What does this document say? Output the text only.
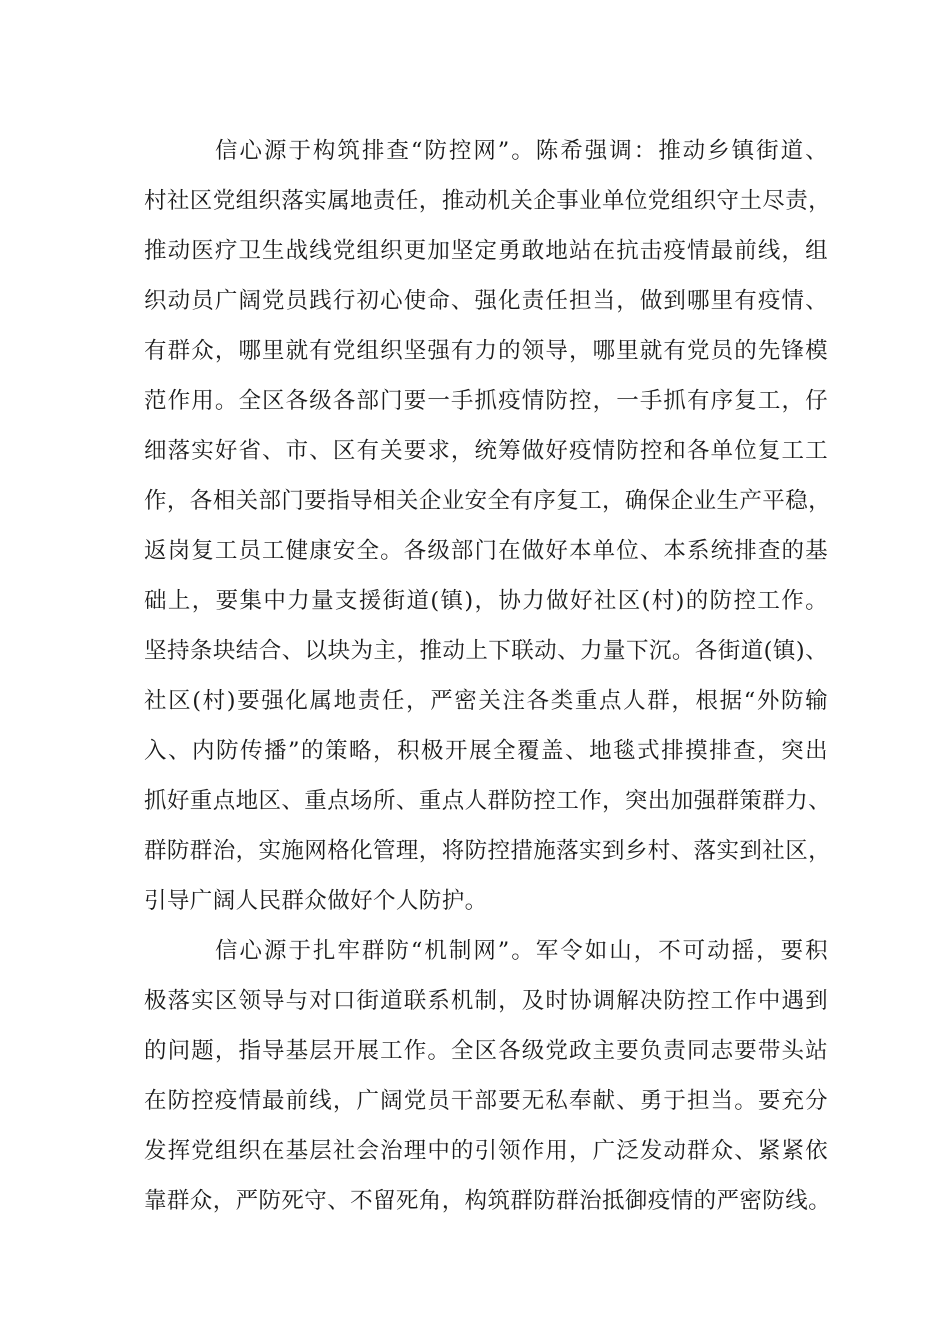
信心源于构筑排查“防控网”。陈希强调：推动乡镇街道、
村社区党组织落实属地责任，推动机关企事业单位党组织守土尽责，
推动医疗卫生战线党组织更加坚定勇敢地站在抗击疫情最前线，组
织动员广阔党员践行初心使命、强化责任担当，做到哪里有疫情、
有群众，哪里就有党组织坚强有力的领导，哪里就有党员的先锋模
范作用。全区各级各部门要一手抓疫情防控，一手抓有序复工，仔
细落实好省、市、区有关要求，统筹做好疫情防控和各单位复工工
作，各相关部门要指导相关企业安全有序复工，确保企业生产平稳，
返岗复工员工健康安全。各级部门在做好本单位、本系统排查的基
础上，要集中力量支援街道(镇)，协力做好社区(村)的防控工作。
坚持条块结合、以块为主，推动上下联动、力量下沉。各街道(镇)、
社区(村)要强化属地责任，严密关注各类重点人群，根据“外防输
入、内防传播”的策略，积极开展全覆盖、地毯式排摸排查，突出
抓好重点地区、重点场所、重点人群防控工作，突出加强群策群力、
群防群治，实施网格化管理，将防控措施落实到乡村、落实到社区，
引导广阔人民群众做好个人防护。
信心源于扎牢群防“机制网”。军令如山，不可动摇，要积
极落实区领导与对口街道联系机制，及时协调解决防控工作中遇到
的问题，指导基层开展工作。全区各级党政主要负责同志要带头站
在防控疫情最前线，广阔党员干部要无私奉献、勇于担当。要充分
发挥党组织在基层社会治理中的引领作用，广泛发动群众、紧紧依
靠群众，严防死守、不留死角，构筑群防群治抵御疫情的严密防线。
